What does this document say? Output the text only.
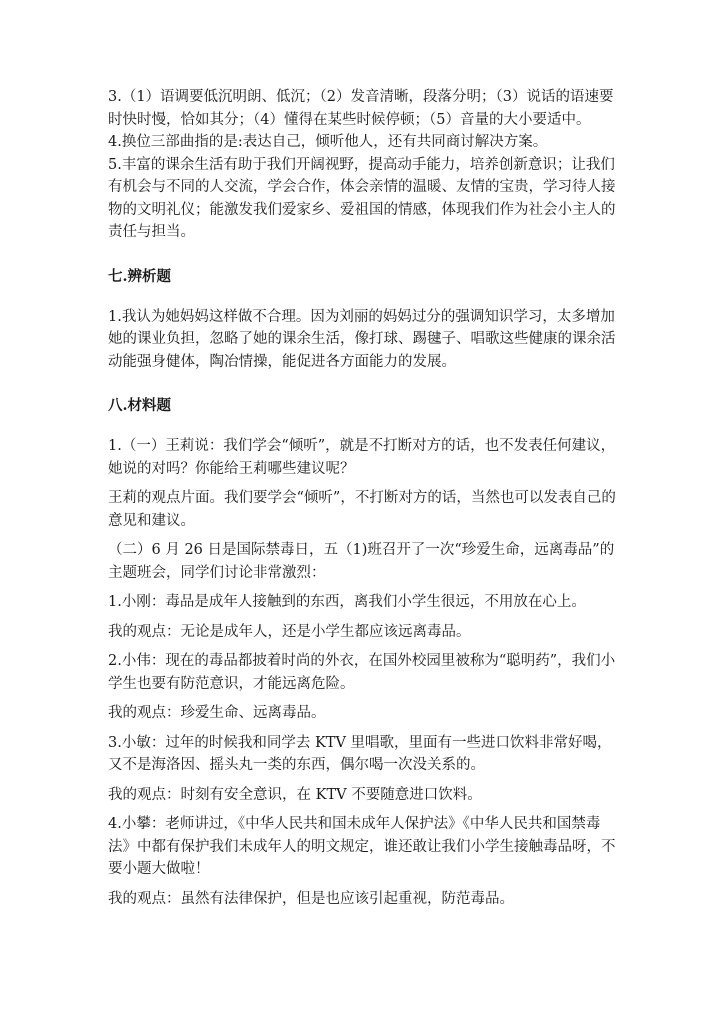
3.（1）语调要低沉明朗、低沉；（2）发音清晰，段落分明；（3）说话的语速要时快时慢，恰如其分；（4）懂得在某些时候停顿；（5）音量的大小要适中。

4.换位三部曲指的是:表达自己，倾听他人，还有共同商讨解决方案。

5.丰富的课余生活有助于我们开阔视野，提高动手能力，培养创新意识；让我们有机会与不同的人交流，学会合作，体会亲情的温暖、友情的宝贵，学习待人接物的文明礼仪；能激发我们爱家乡、爱祖国的情感，体现我们作为社会小主人的责任与担当。

七.辨析题

1.我认为她妈妈这样做不合理。因为刘丽的妈妈过分的强调知识学习，太多增加她的课业负担，忽略了她的课余生活，像打球、踢毽子、唱歌这些健康的课余活动能强身健体，陶冶情操，能促进各方面能力的发展。

八.材料题

1.（一）王莉说：我们学会“倾听”，就是不打断对方的话，也不发表任何建议，她说的对吗？你能给王莉哪些建议呢？

王莉的观点片面。我们要学会“倾听”，不打断对方的话，当然也可以发表自己的意见和建议。

（二）6 月 26 日是国际禁毒日，五（1)班召开了一次“珍爱生命，远离毒品”的主题班会，同学们讨论非常激烈：

1.小刚：毒品是成年人接触到的东西，离我们小学生很远，不用放在心上。

我的观点：无论是成年人，还是小学生都应该远离毒品。

2.小伟：现在的毒品都披着时尚的外衣，在国外校园里被称为“聪明药”，我们小学生也要有防范意识，才能远离危险。

我的观点：珍爱生命、远离毒品。

3.小敏：过年的时候我和同学去 KTV 里唱歌，里面有一些进口饮料非常好喝，又不是海洛因、摇头丸一类的东西，偶尔喝一次没关系的。

我的观点：时刻有安全意识，在 KTV 不要随意进口饮料。

4.小攀：老师讲过，《中华人民共和国未成年人保护法》《中华人民共和国禁毒法》中都有保护我们未成年人的明文规定，谁还敢让我们小学生接触毒品呀，不要小题大做啦！

我的观点：虽然有法律保护，但是也应该引起重视，防范毒品。
